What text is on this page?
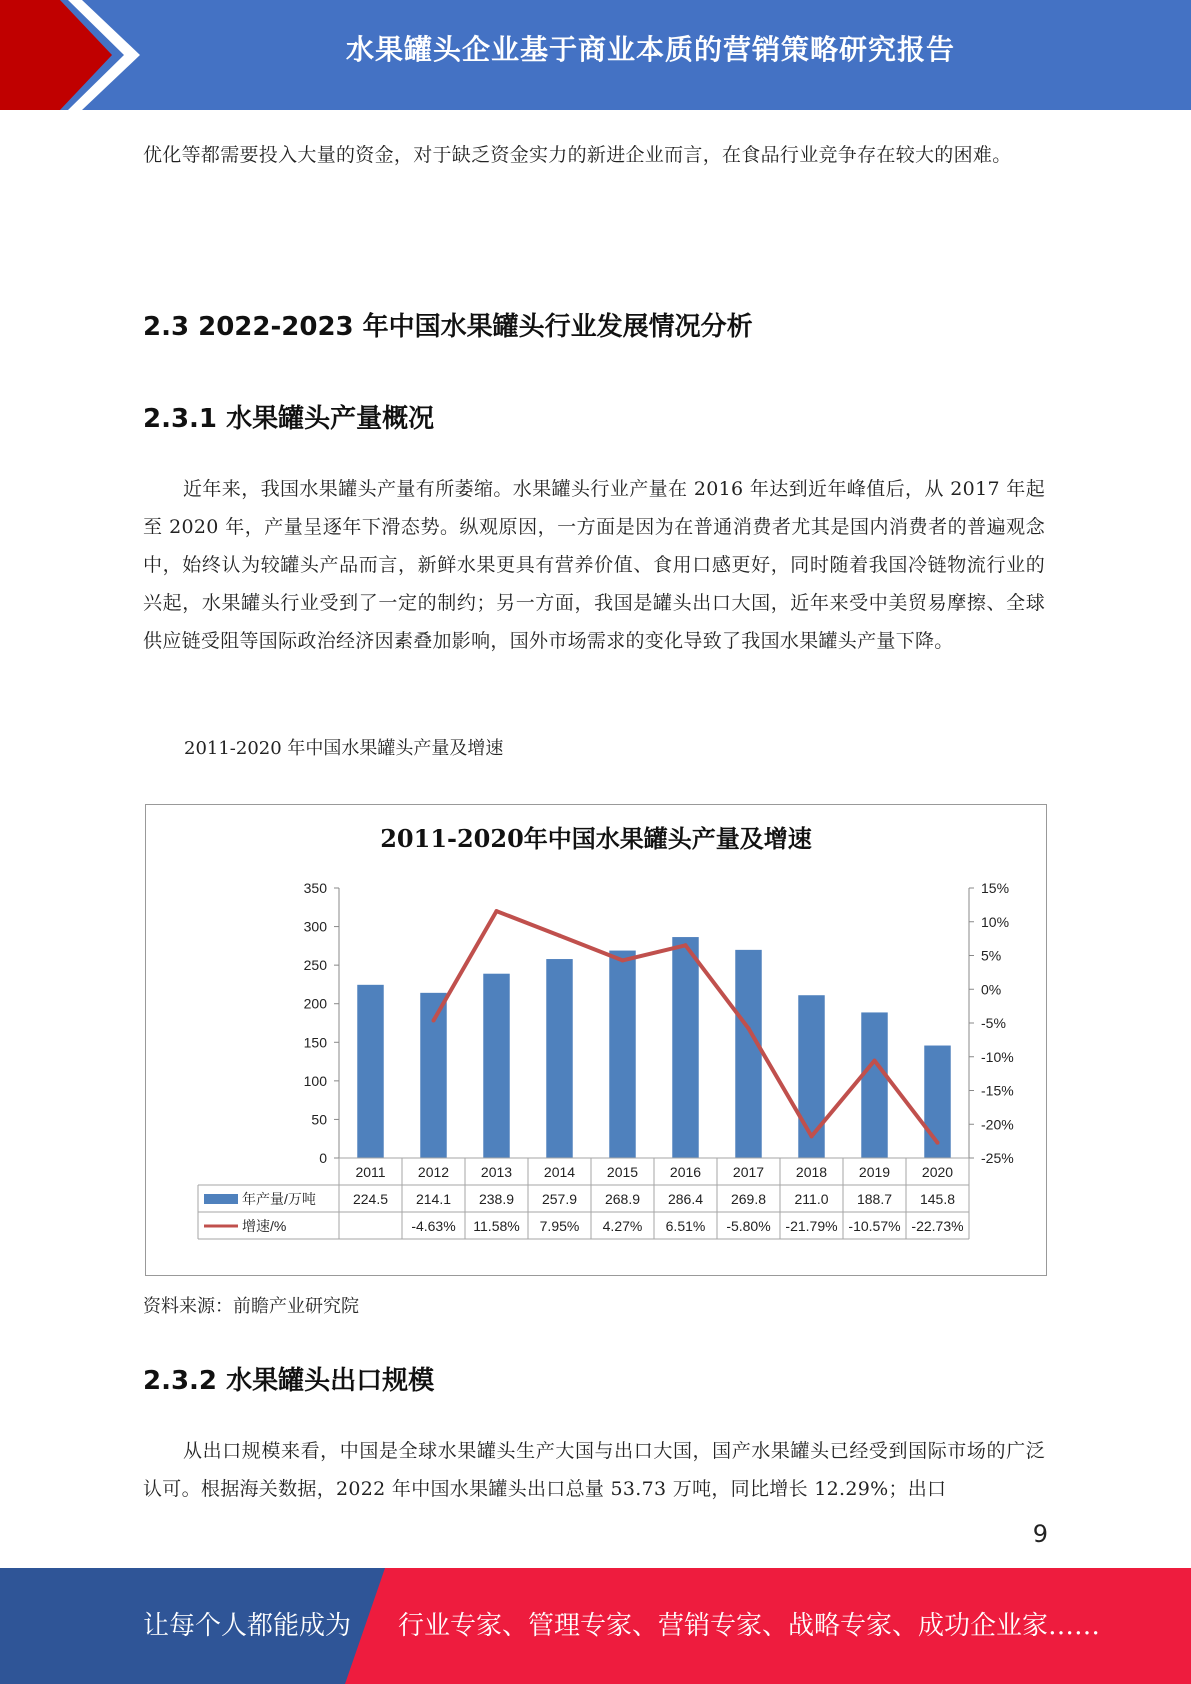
水果罐头企业基于商业本质的营销策略研究报告

优化等都需要投入大量的资金，对于缺乏资金实力的新进企业而言，在食品行业竞争存在较大的困难。

2.3 2022-2023 年中国水果罐头行业发展情况分析
2.3.1 水果罐头产量概况

近年来，我国水果罐头产量有所萎缩。水果罐头行业产量在 2016 年达到近年峰值后，从 2017 年起至 2020 年，产量呈逐年下滑态势。纵观原因，一方面是因为在普通消费者尤其是国内消费者的普遍观念中，始终认为较罐头产品而言，新鲜水果更具有营养价值、食用口感更好，同时随着我国冷链物流行业的兴起，水果罐头行业受到了一定的制约；另一方面，我国是罐头出口大国，近年来受中美贸易摩擦、全球供应链受阻等国际政治经济因素叠加影响，国外市场需求的变化导致了我国水果罐头产量下降。

2011-2020 年中国水果罐头产量及增速
2011-2020年中国水果罐头产量及增速
0
50
100
150
200
250
300
350
-25%
-20%
-15%
-10%
-5%
0%
5%
10%
15%
2011 2012 2013 2014 2015 2016 2017 2018 2019 2020
年产量/万吨
增速/%
224.5 214.1 238.9 257.9 268.9 286.4 269.8 211.0 188.7 145.8
-4.63% 11.58% 7.95% 4.27% 6.51% -5.80% -21.79% -10.57% -22.73%
资料来源：前瞻产业研究院
2.3.2 水果罐头出口规模

从出口规模来看，中国是全球水果罐头生产大国与出口大国，国产水果罐头已经受到国际市场的广泛认可。根据海关数据，2022 年中国水果罐头出口总量 53.73 万吨，同比增长 12.29%；出口

9
让每个人都能成为 行业专家、管理专家、营销专家、战略专家、成功企业家……
